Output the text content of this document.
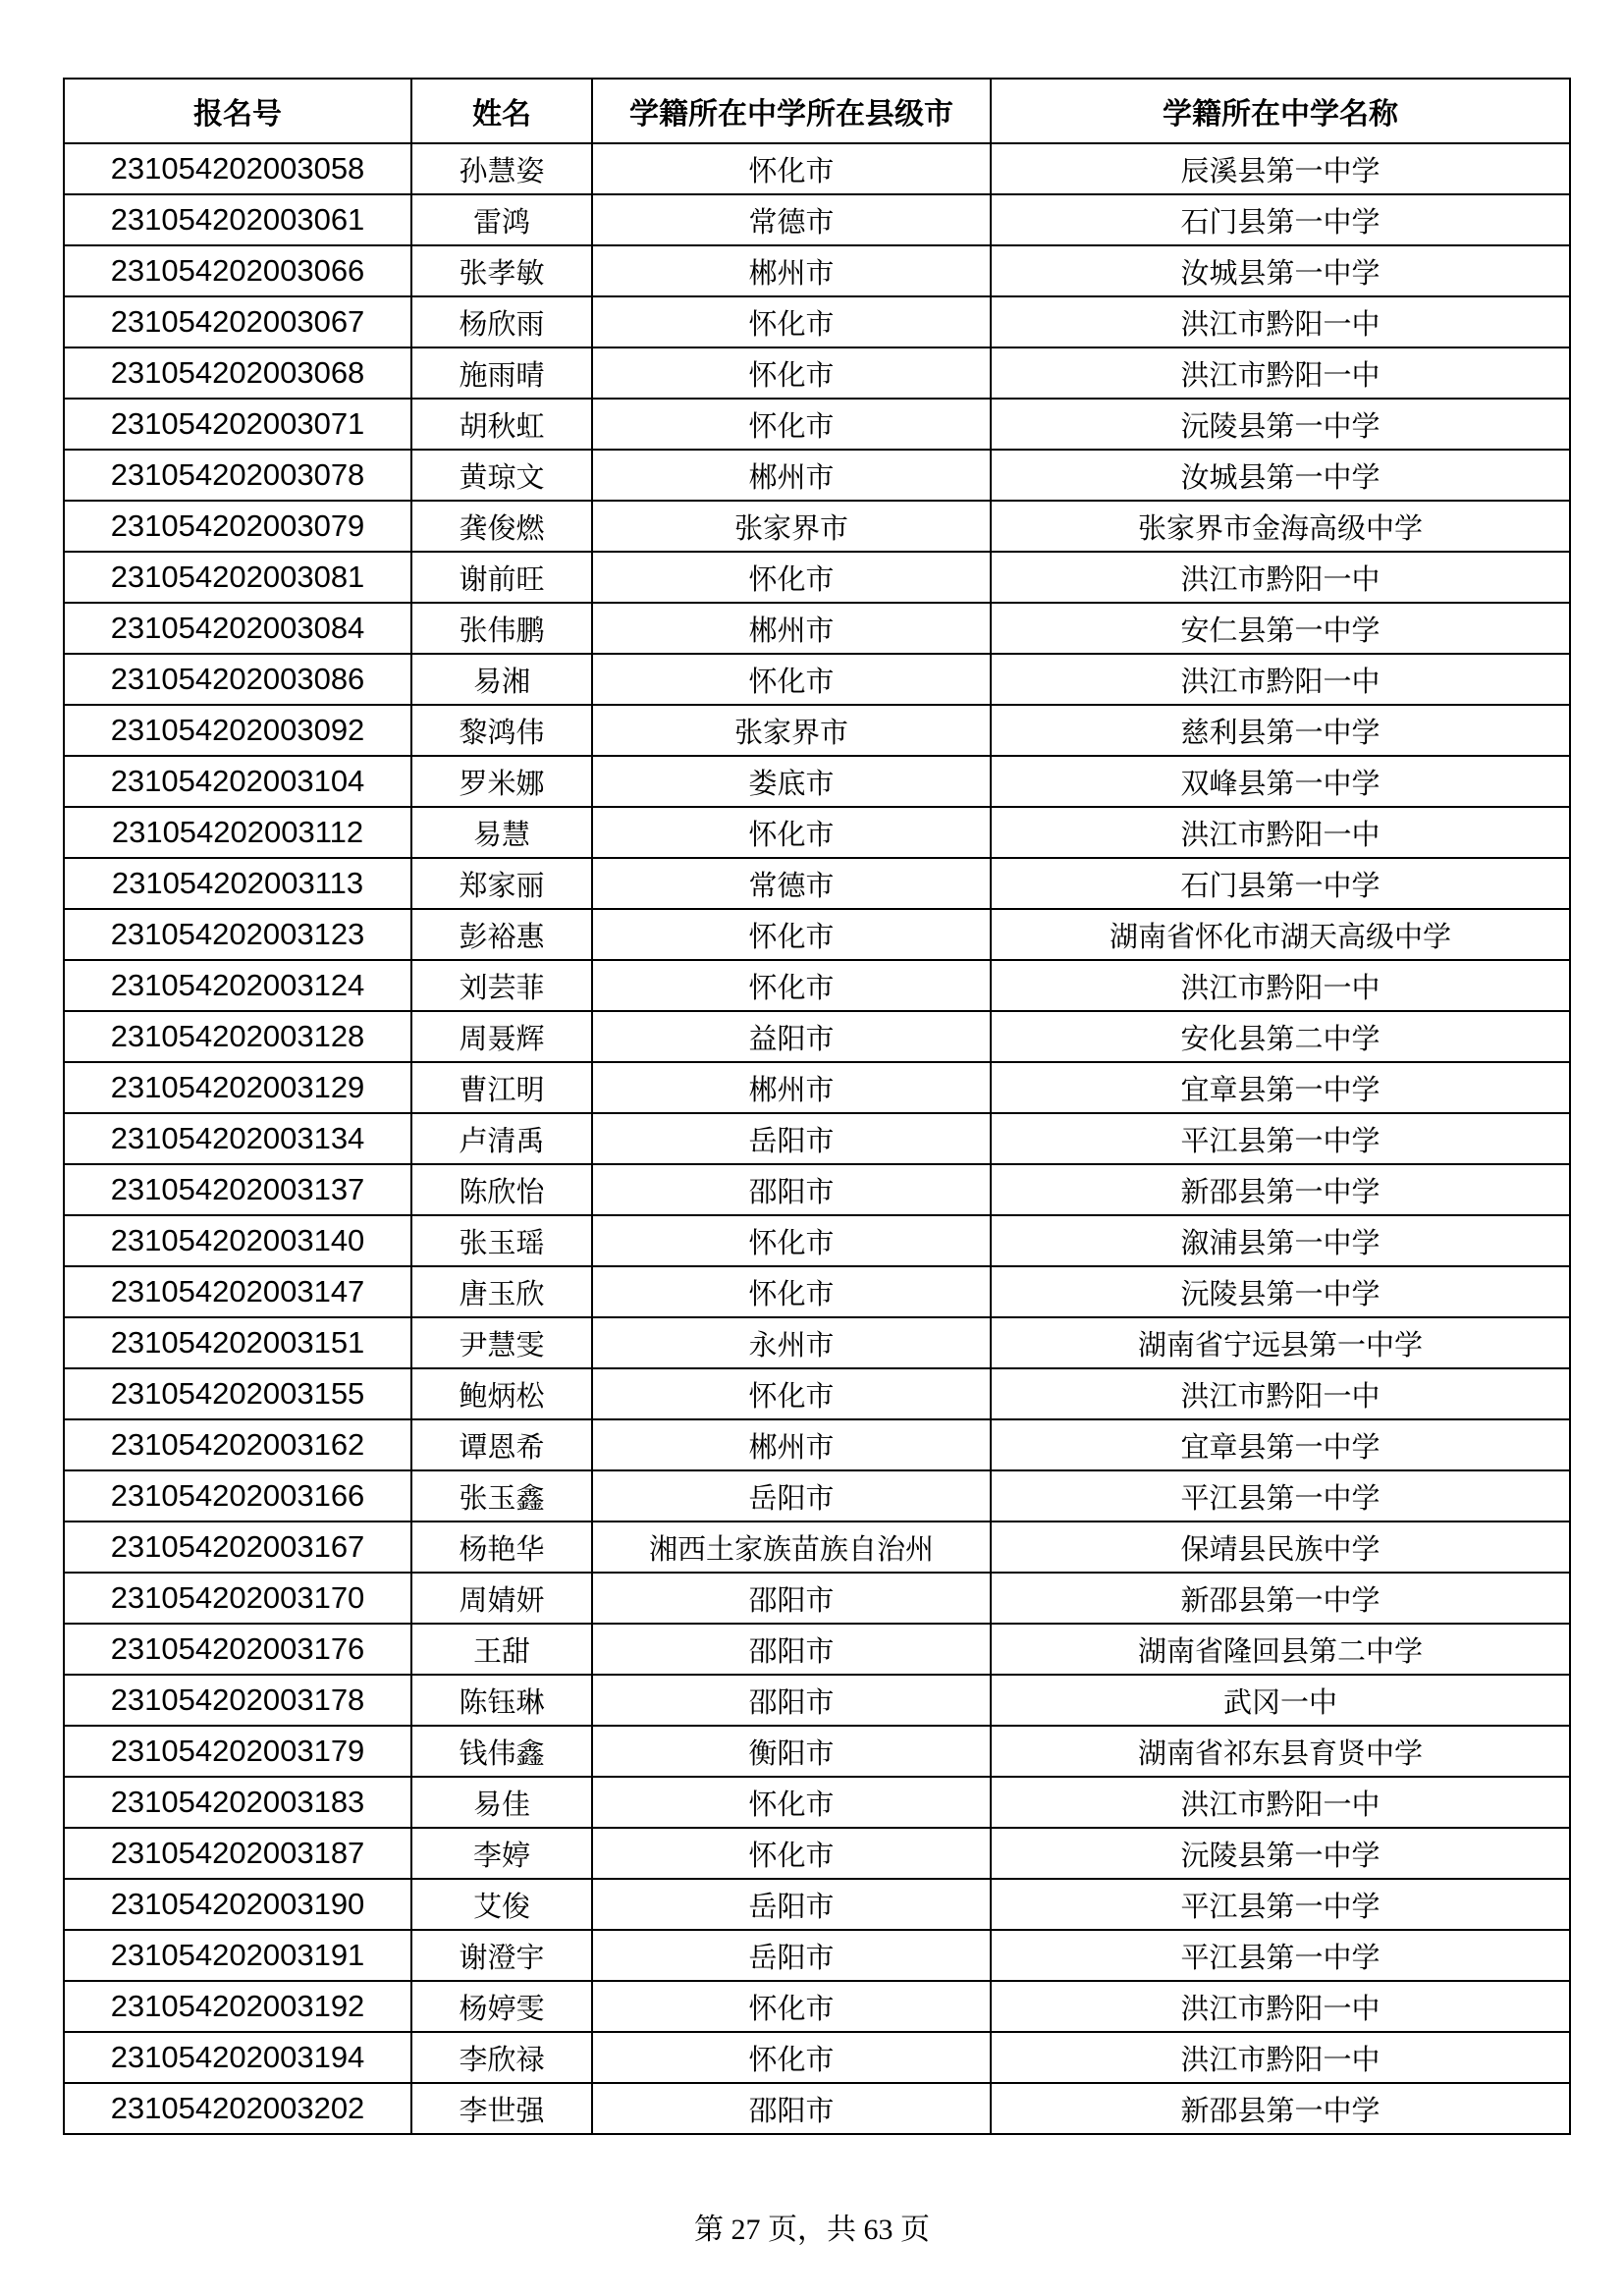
报名号	姓名	学籍所在中学所在县级市	学籍所在中学名称
231054202003058	孙慧姿	怀化市	辰溪县第一中学
231054202003061	雷鸿	常德市	石门县第一中学
231054202003066	张孝敏	郴州市	汝城县第一中学
231054202003067	杨欣雨	怀化市	洪江市黔阳一中
231054202003068	施雨晴	怀化市	洪江市黔阳一中
231054202003071	胡秋虹	怀化市	沅陵县第一中学
231054202003078	黄琼文	郴州市	汝城县第一中学
231054202003079	龚俊燃	张家界市	张家界市金海高级中学
231054202003081	谢前旺	怀化市	洪江市黔阳一中
231054202003084	张伟鹏	郴州市	安仁县第一中学
231054202003086	易湘	怀化市	洪江市黔阳一中
231054202003092	黎鸿伟	张家界市	慈利县第一中学
231054202003104	罗米娜	娄底市	双峰县第一中学
231054202003112	易慧	怀化市	洪江市黔阳一中
231054202003113	郑家丽	常德市	石门县第一中学
231054202003123	彭裕惠	怀化市	湖南省怀化市湖天高级中学
231054202003124	刘芸菲	怀化市	洪江市黔阳一中
231054202003128	周聂辉	益阳市	安化县第二中学
231054202003129	曹江明	郴州市	宜章县第一中学
231054202003134	卢清禹	岳阳市	平江县第一中学
231054202003137	陈欣怡	邵阳市	新邵县第一中学
231054202003140	张玉瑶	怀化市	溆浦县第一中学
231054202003147	唐玉欣	怀化市	沅陵县第一中学
231054202003151	尹慧雯	永州市	湖南省宁远县第一中学
231054202003155	鲍炳松	怀化市	洪江市黔阳一中
231054202003162	谭恩希	郴州市	宜章县第一中学
231054202003166	张玉鑫	岳阳市	平江县第一中学
231054202003167	杨艳华	湘西土家族苗族自治州	保靖县民族中学
231054202003170	周婧妍	邵阳市	新邵县第一中学
231054202003176	王甜	邵阳市	湖南省隆回县第二中学
231054202003178	陈钰琳	邵阳市	武冈一中
231054202003179	钱伟鑫	衡阳市	湖南省祁东县育贤中学
231054202003183	易佳	怀化市	洪江市黔阳一中
231054202003187	李婷	怀化市	沅陵县第一中学
231054202003190	艾俊	岳阳市	平江县第一中学
231054202003191	谢澄宇	岳阳市	平江县第一中学
231054202003192	杨婷雯	怀化市	洪江市黔阳一中
231054202003194	李欣禄	怀化市	洪江市黔阳一中
231054202003202	李世强	邵阳市	新邵县第一中学
第 27 页，共 63 页
